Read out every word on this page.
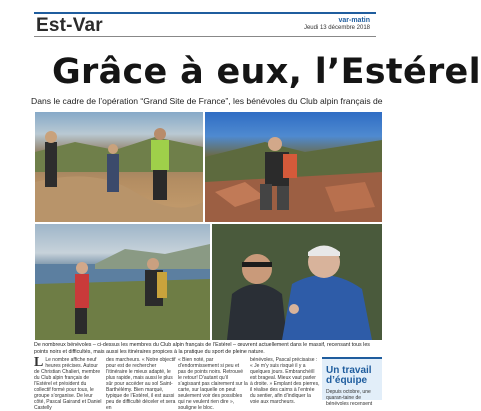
Est-Var	var-matin
Jeudi 13 décembre 2018
Grâce à eux, l’Estérel
Dans le cadre de l’opération “Grand Site de France”, les bénévoles du Club alpin français de
De nombreux bénévoles – ci-dessus les membres du Club alpin français de l’Estérel – œuvrent actuellement dans le massif, recensant tous les points noirs et difficultés, mais aussi les itinéraires propices à la pratique du sport de pleine nature.
L Le nombre affiche neuf heures précises. Autour de Christian Chalieri, membre du Club alpin français de l’Estérel et président du collectif formé pour tous, le groupe s’organise. De leur côté, Pascal Gairand et Daniel Castelly
des marcheurs. « Notre objectif pour est de rechercher l’itinéraire le mieux adapté, le plus rapide, mais aussi le plus sûr pour accéder au sol Saint-Barthélémy. Bien marqué, typique de l’Estérel, il est aussi peu de difficulté déceler et sera en
« Bien noté, par d’endormissement si peu et pas de points noirs. Retrouvé le retour! D’autant qu’il s’agissant pas clairement sur la carte, sur laquelle on peut seulement voir des possibles qui ne veulent rien dire », souligne le bloc.
bénévoles, Pascal précisaise : « Je m’y suis risqué il y a quelques jours. Embranché/il est brageal. Mieux vaut parler à droite. » Emplant des pierres, il réalise des cairns à l’entrée du sentier, afin d’indiquer la voie aux marcheurs.
Un travail d’équipe
Depuis octobre, une quaran-taine de bénévoles recensent
